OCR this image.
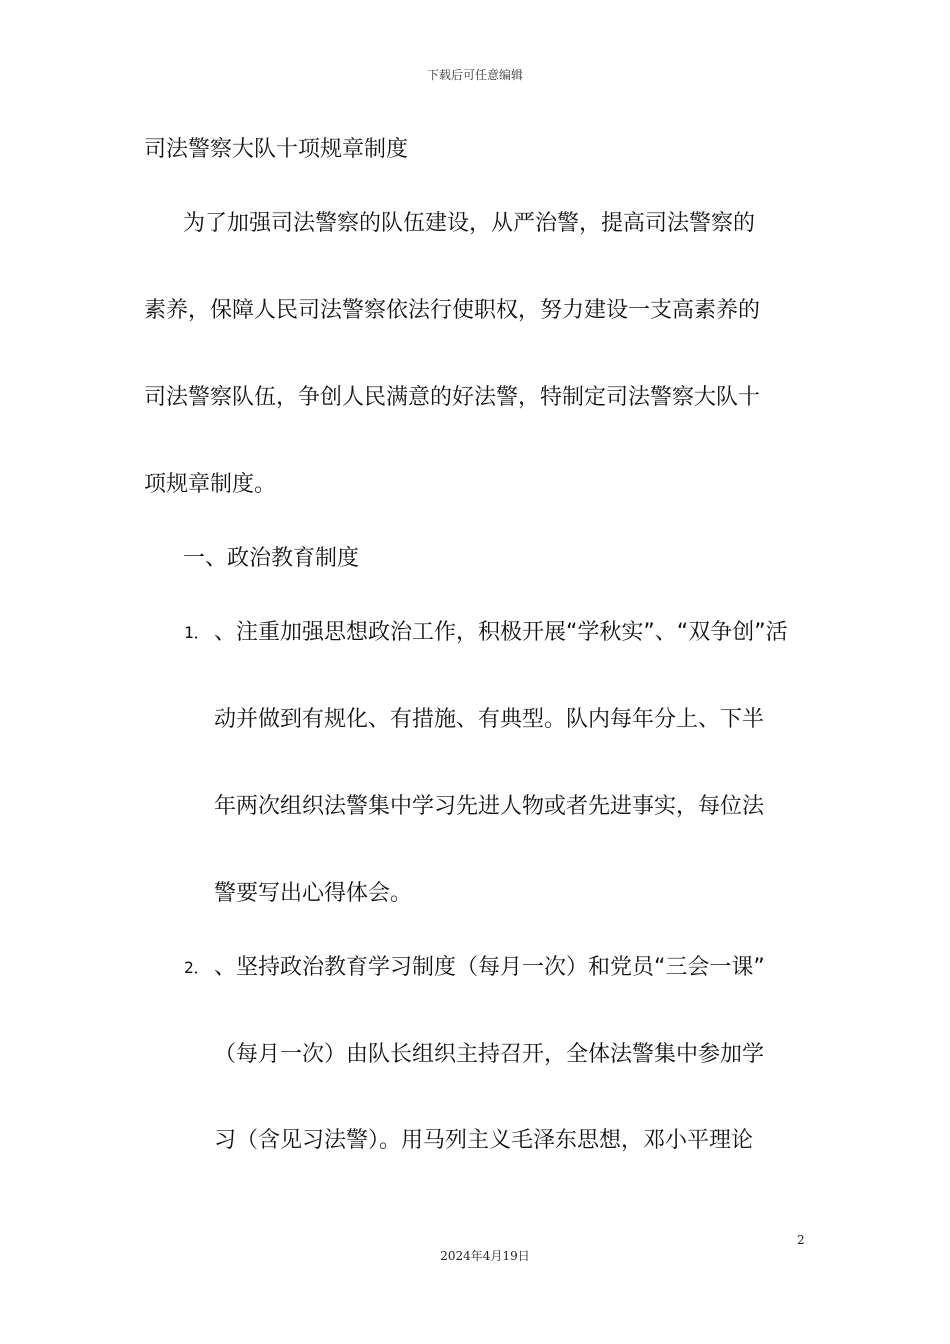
下载后可任意编辑
司法警察大队十项规章制度
为了加强司法警察的队伍建设，从严治警，提高司法警察的
素养，保障人民司法警察依法行使职权，努力建设一支高素养的
司法警察队伍，争创人民满意的好法警，特制定司法警察大队十
项规章制度。
一、政治教育制度
1． 、注重加强思想政治工作，积极开展“学秋实”、“双争创”活
动并做到有规化、有措施、有典型。队内每年分上、下半
年两次组织法警集中学习先进人物或者先进事实，每位法
警要写出心得体会。
2． 、坚持政治教育学习制度（每月一次）和党员“三会一课”
（每月一次）由队长组织主持召开，全体法警集中参加学
习（含见习法警）。用马列主义毛泽东思想，邓小平理论
2
2024年4月19日
